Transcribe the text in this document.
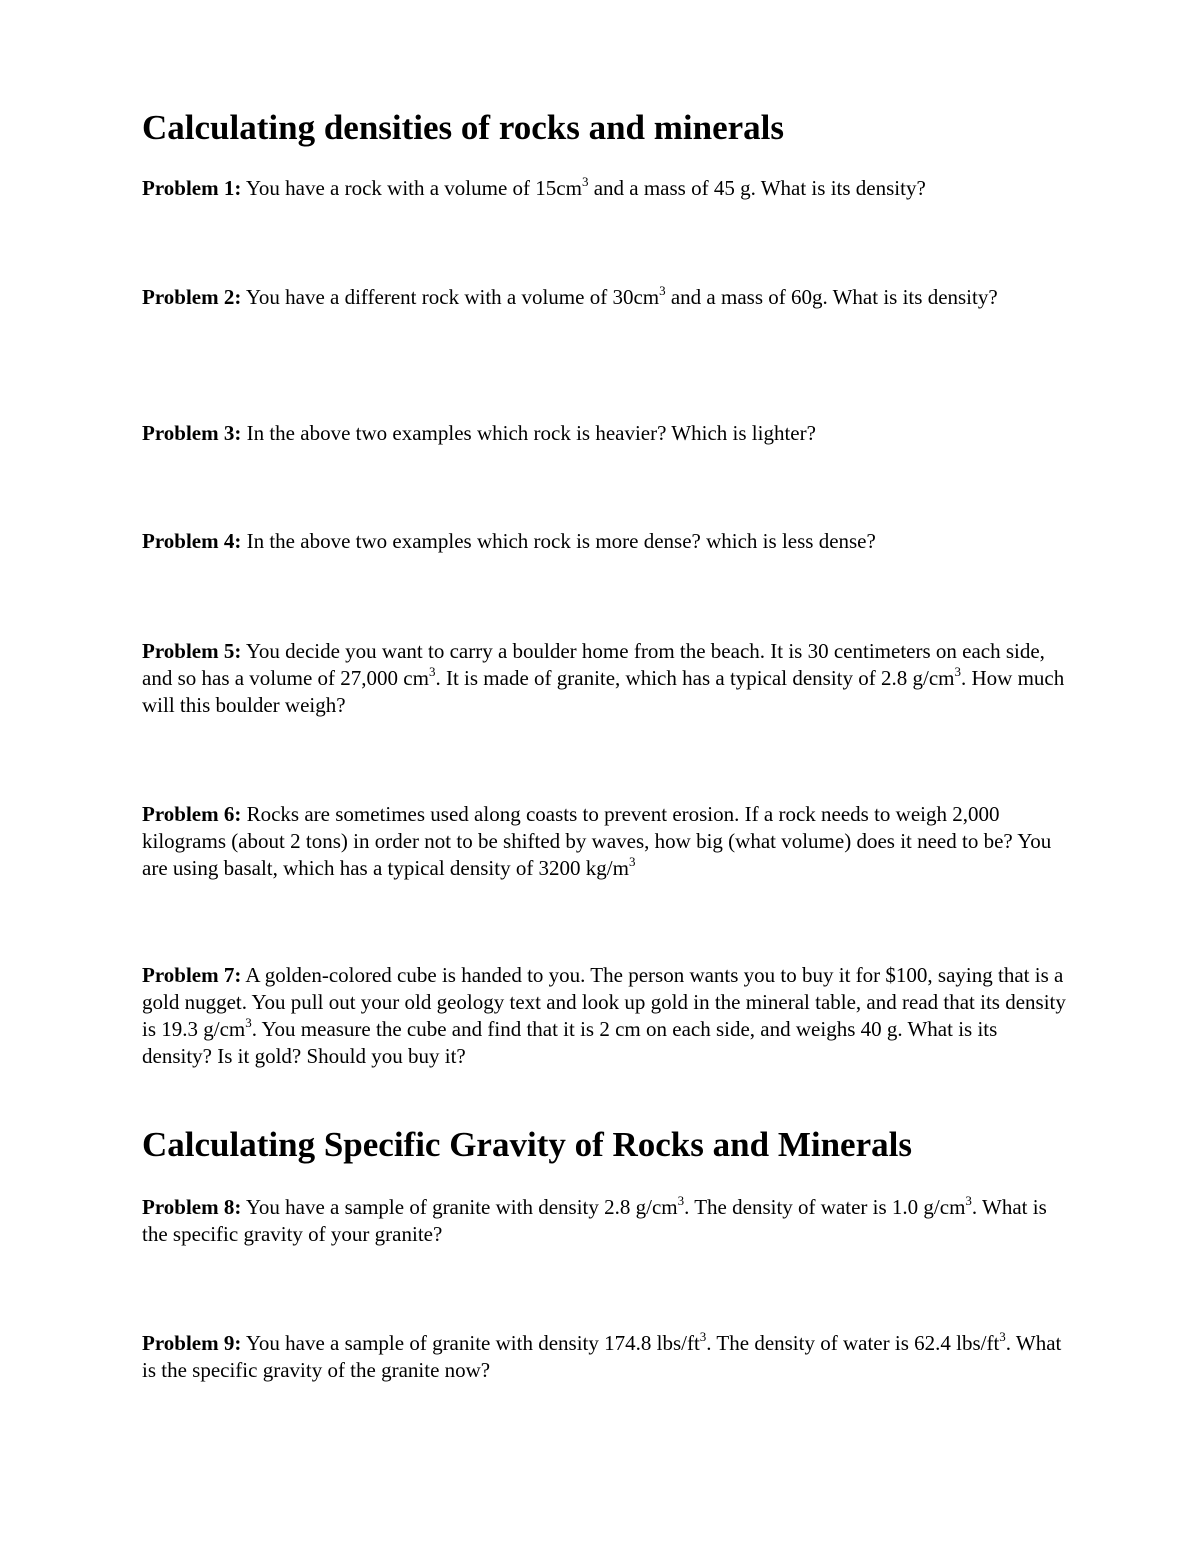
Calculating densities of rocks and minerals

Problem 1: You have a rock with a volume of $15cm^3$ and a mass of 45 g. What is its density?

Problem 2: You have a different rock with a volume of $30cm^3$ and a mass of 60g. What is its density?

Problem 3: In the above two examples which rock is heavier? Which is lighter?

Problem 4: In the above two examples which rock is more dense? which is less dense?

Problem 5: You decide you want to carry a boulder home from the beach. It is 30 centimeters on each side, and so has a volume of 27,000 $cm^3$. It is made of granite, which has a typical density of 2.8 $g/cm^3$. How much will this boulder weigh?

Problem 6: Rocks are sometimes used along coasts to prevent erosion. If a rock needs to weigh 2,000 kilograms (about 2 tons) in order not to be shifted by waves, how big (what volume) does it need to be? You are using basalt, which has a typical density of 3200 $kg/m^3$

Problem 7: A golden-colored cube is handed to you. The person wants you to buy it for $100, saying that is a gold nugget. You pull out your old geology text and look up gold in the mineral table, and read that its density is 19.3 $g/cm^3$. You measure the cube and find that it is 2 cm on each side, and weighs 40 g. What is its density? Is it gold? Should you buy it?

Calculating Specific Gravity of Rocks and Minerals

Problem 8: You have a sample of granite with density 2.8 $g/cm^3$. The density of water is 1.0 $g/cm^3$. What is the specific gravity of your granite?

Problem 9: You have a sample of granite with density 174.8 lbs/$ft^3$. The density of water is 62.4 lbs/$ft^3$. What is the specific gravity of the granite now?
